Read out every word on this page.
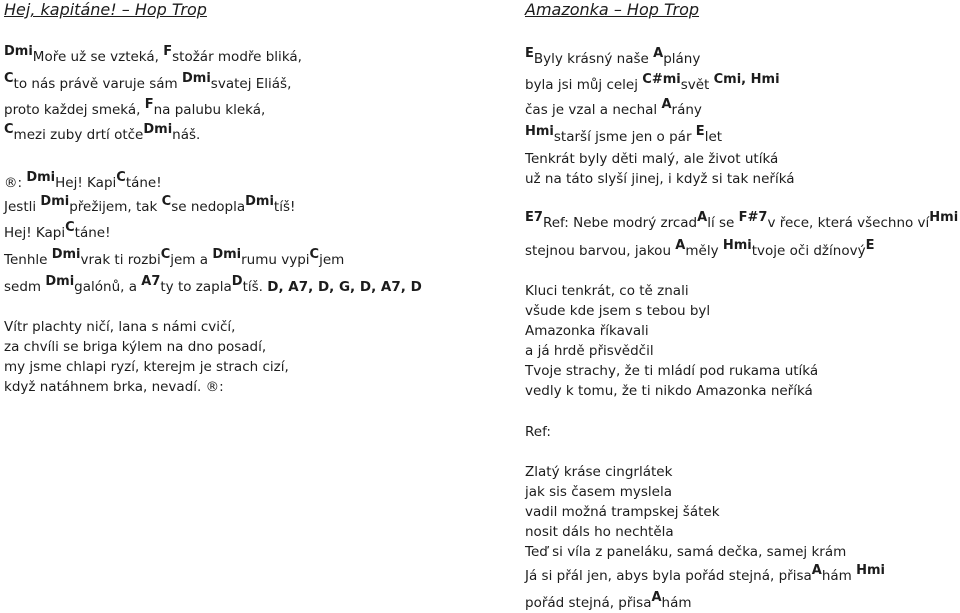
Hej, kapitáne! – Hop Trop
DmiMoře už se vzteká, Fstožár modře bliká,
Cto nás právě varuje sám Dmisvatej Eliáš,
proto každej smeká, Fna palubu kleká,
Cmezi zuby drtí otčeDmináš.
®: DmiHej! KapiCtáne!
Jestli Dmipřežijem, tak Cse nedoplaDmitíš!
Hej! KapiCtáne!
Tenhle Dmivrak ti rozbiCjem a Dmirumu vypiCjem
sedm Dmigalónů, a A7ty to zaplaDtíš. D, A7, D, G, D, A7, D
Vítr plachty ničí, lana s námi cvičí,
za chvíli se briga kýlem na dno posadí,
my jsme chlapi ryzí, kterejm je strach cizí,
když natáhnem brka, nevadí. ®:
Amazonka – Hop Trop
EByly krásný naše Aplány
byla jsi můj celej C#misvět Cmi, Hmi
čas je vzal a nechal Arány
Hmistarší jsme jen o pár Elet
Tenkrát byly děti malý, ale život utíká
už na táto slyší jinej, i když si tak neříká
E7Ref: Nebe modrý zrcadAlí se F#7v řece, která všechno víHmi
stejnou barvou, jakou Aměly Hmitvoje oči džínovýE
Kluci tenkrát, co tě znali
všude kde jsem s tebou byl
Amazonka říkavali
a já hrdě přisvědčil
Tvoje strachy, že ti mládí pod rukama utíká
vedly k tomu, že ti nikdo Amazonka neříká
Ref:
Zlatý kráse cingrlátek
jak sis časem myslela
vadil možná trampskej šátek
nosit dáls ho nechtěla
Teď si víla z paneláku, samá dečka, samej krám
Já si přál jen, abys byla pořád stejná, přisaAhám Hmi
pořád stejná, přisaAhám
